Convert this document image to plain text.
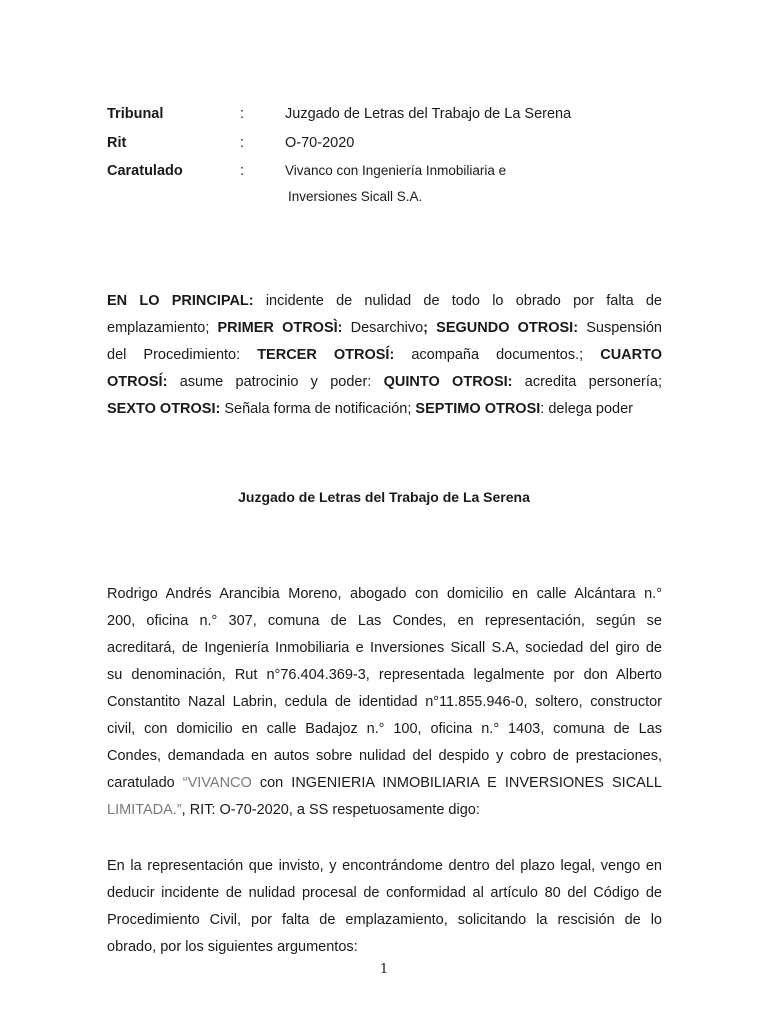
Tribunal	:	Juzgado de Letras del Trabajo de La Serena
Rit	:	O-70-2020
Caratulado	:	Vivanco con Ingeniería Inmobiliaria e
Inversiones Sicall S.A.
EN LO PRINCIPAL: incidente de nulidad de todo lo obrado por falta de
emplazamiento; PRIMER OTROSÌ: Desarchivo; SEGUNDO OTROSI: Suspensión
del Procedimiento: TERCER OTROSÍ: acompaña documentos.; CUARTO
OTROSÍ: asume patrocinio y poder: QUINTO OTROSI: acredita personería;
SEXTO OTROSI: Señala forma de notificación; SEPTIMO OTROSI: delega poder
Juzgado de Letras del Trabajo de La Serena
Rodrigo Andrés Arancibia Moreno, abogado con domicilio en calle Alcántara n.°
200, oficina n.° 307, comuna de Las Condes, en representación, según se
acreditará, de Ingeniería Inmobiliaria e Inversiones Sicall S.A, sociedad del giro de
su denominación, Rut n°76.404.369-3, representada legalmente por don Alberto
Constantito Nazal Labrin, cedula de identidad n°11.855.946-0, soltero, constructor
civil, con domicilio en calle Badajoz n.° 100, oficina n.° 1403, comuna de Las
Condes, demandada en autos sobre nulidad del despido y cobro de prestaciones,
caratulado “VIVANCO con INGENIERIA INMOBILIARIA E INVERSIONES SICALL
LIMITADA.”, RIT: O-70-2020, a SS respetuosamente digo:
En la representación que invisto, y encontrándome dentro del plazo legal, vengo en
deducir incidente de nulidad procesal de conformidad al artículo 80 del Código de
Procedimiento Civil, por falta de emplazamiento, solicitando la rescisión de lo
obrado, por los siguientes argumentos:
1
